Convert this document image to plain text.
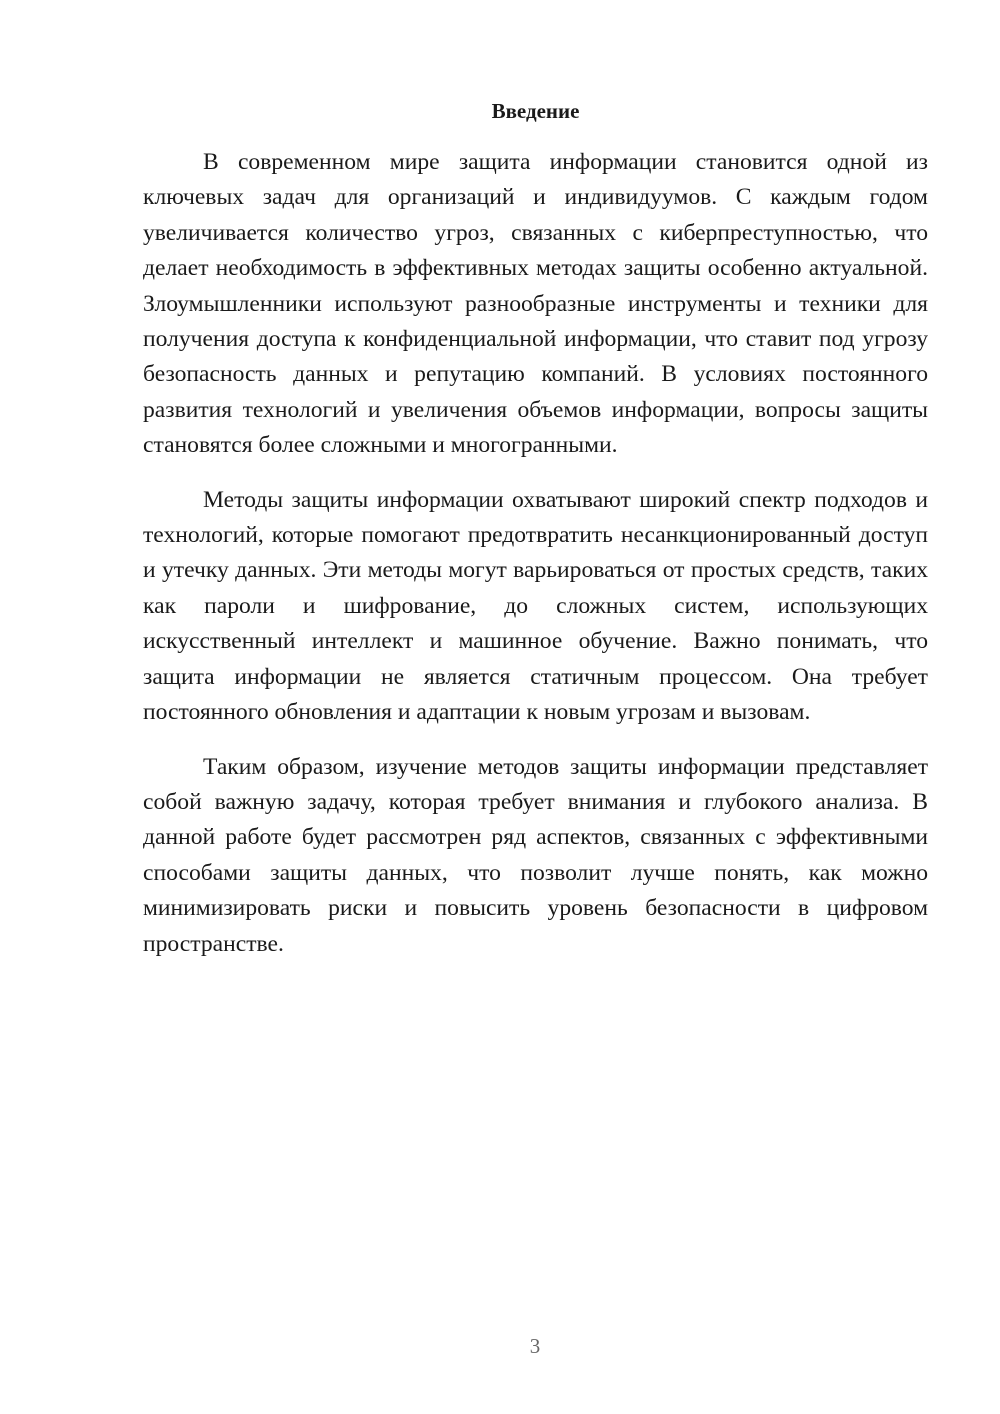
Введение

В современном мире защита информации становится одной из ключевых задач для организаций и индивидуумов. С каждым годом увеличивается количество угроз, связанных с киберпреступностью, что делает необходимость в эффективных методах защиты особенно актуальной. Злоумышленники используют разнообразные инструменты и техники для получения доступа к конфиденциальной информации, что ставит под угрозу безопасность данных и репутацию компаний. В условиях постоянного развития технологий и увеличения объемов информации, вопросы защиты становятся более сложными и многогранными.

Методы защиты информации охватывают широкий спектр подходов и технологий, которые помогают предотвратить несанкционированный доступ и утечку данных. Эти методы могут варьироваться от простых средств, таких как пароли и шифрование, до сложных систем, использующих искусственный интеллект и машинное обучение. Важно понимать, что защита информации не является статичным процессом. Она требует постоянного обновления и адаптации к новым угрозам и вызовам.

Таким образом, изучение методов защиты информации представляет собой важную задачу, которая требует внимания и глубокого анализа. В данной работе будет рассмотрен ряд аспектов, связанных с эффективными способами защиты данных, что позволит лучше понять, как можно минимизировать риски и повысить уровень безопасности в цифровом пространстве.

3
